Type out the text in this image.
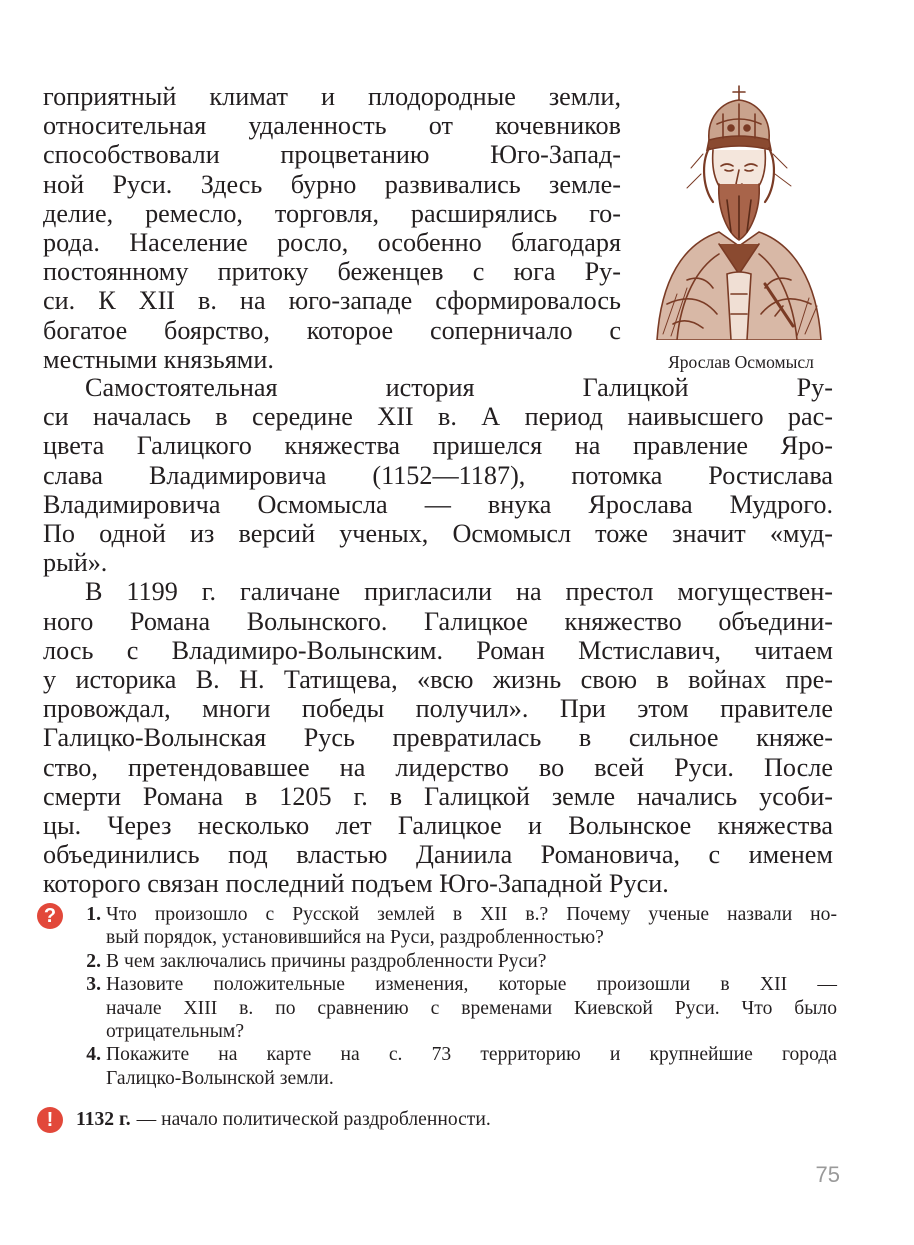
гоприятный климат и плодородные земли,
относительная удаленность от кочевников
способствовали процветанию Юго-Запад-
ной Руси. Здесь бурно развивались земле-
делие, ремесло, торговля, расширялись го-
рода. Население росло, особенно благодаря
постоянному притоку беженцев с юга Ру-
си. К XII в. на юго-западе сформировалось
богатое боярство, которое соперничало с
местными князьями.	Ярослав Осмомысл
Самостоятельная история Галицкой Ру-
си началась в середине XII в. А период наивысшего рас-
цвета Галицкого княжества пришелся на правление Яро-
слава Владимировича (1152—1187), потомка Ростислава
Владимировича Осмомысла — внука Ярослава Мудрого.
По одной из версий ученых, Осмомысл тоже значит «муд-
рый».
В 1199 г. галичане пригласили на престол могуществен-
ного Романа Волынского. Галицкое княжество объедини-
лось с Владимиро-Волынским. Роман Мстиславич, читаем
у историка В. Н. Татищева, «всю жизнь свою в войнах пре-
провождал, многи победы получил». При этом правителе
Галицко-Волынская Русь превратилась в сильное княже-
ство, претендовавшее на лидерство во всей Руси. После
смерти Романа в 1205 г. в Галицкой земле начались усоби-
цы. Через несколько лет Галицкое и Волынское княжества
объединились под властью Даниила Романовича, с именем
которого связан последний подъем Юго-Западной Руси.
?	1. Что произошло с Русской землей в XII в.? Почему ученые назвали но-
вый порядок, установившийся на Руси, раздробленностью?
2. В чем заключались причины раздробленности Руси?
3. Назовите положительные изменения, которые произошли в XII —
начале XIII в. по сравнению с временами Киевской Руси. Что было
отрицательным?
4. Покажите на карте на с. 73 территорию и крупнейшие города
Галицко-Волынской земли.
!	1132 г. — начало политической раздробленности.
75
